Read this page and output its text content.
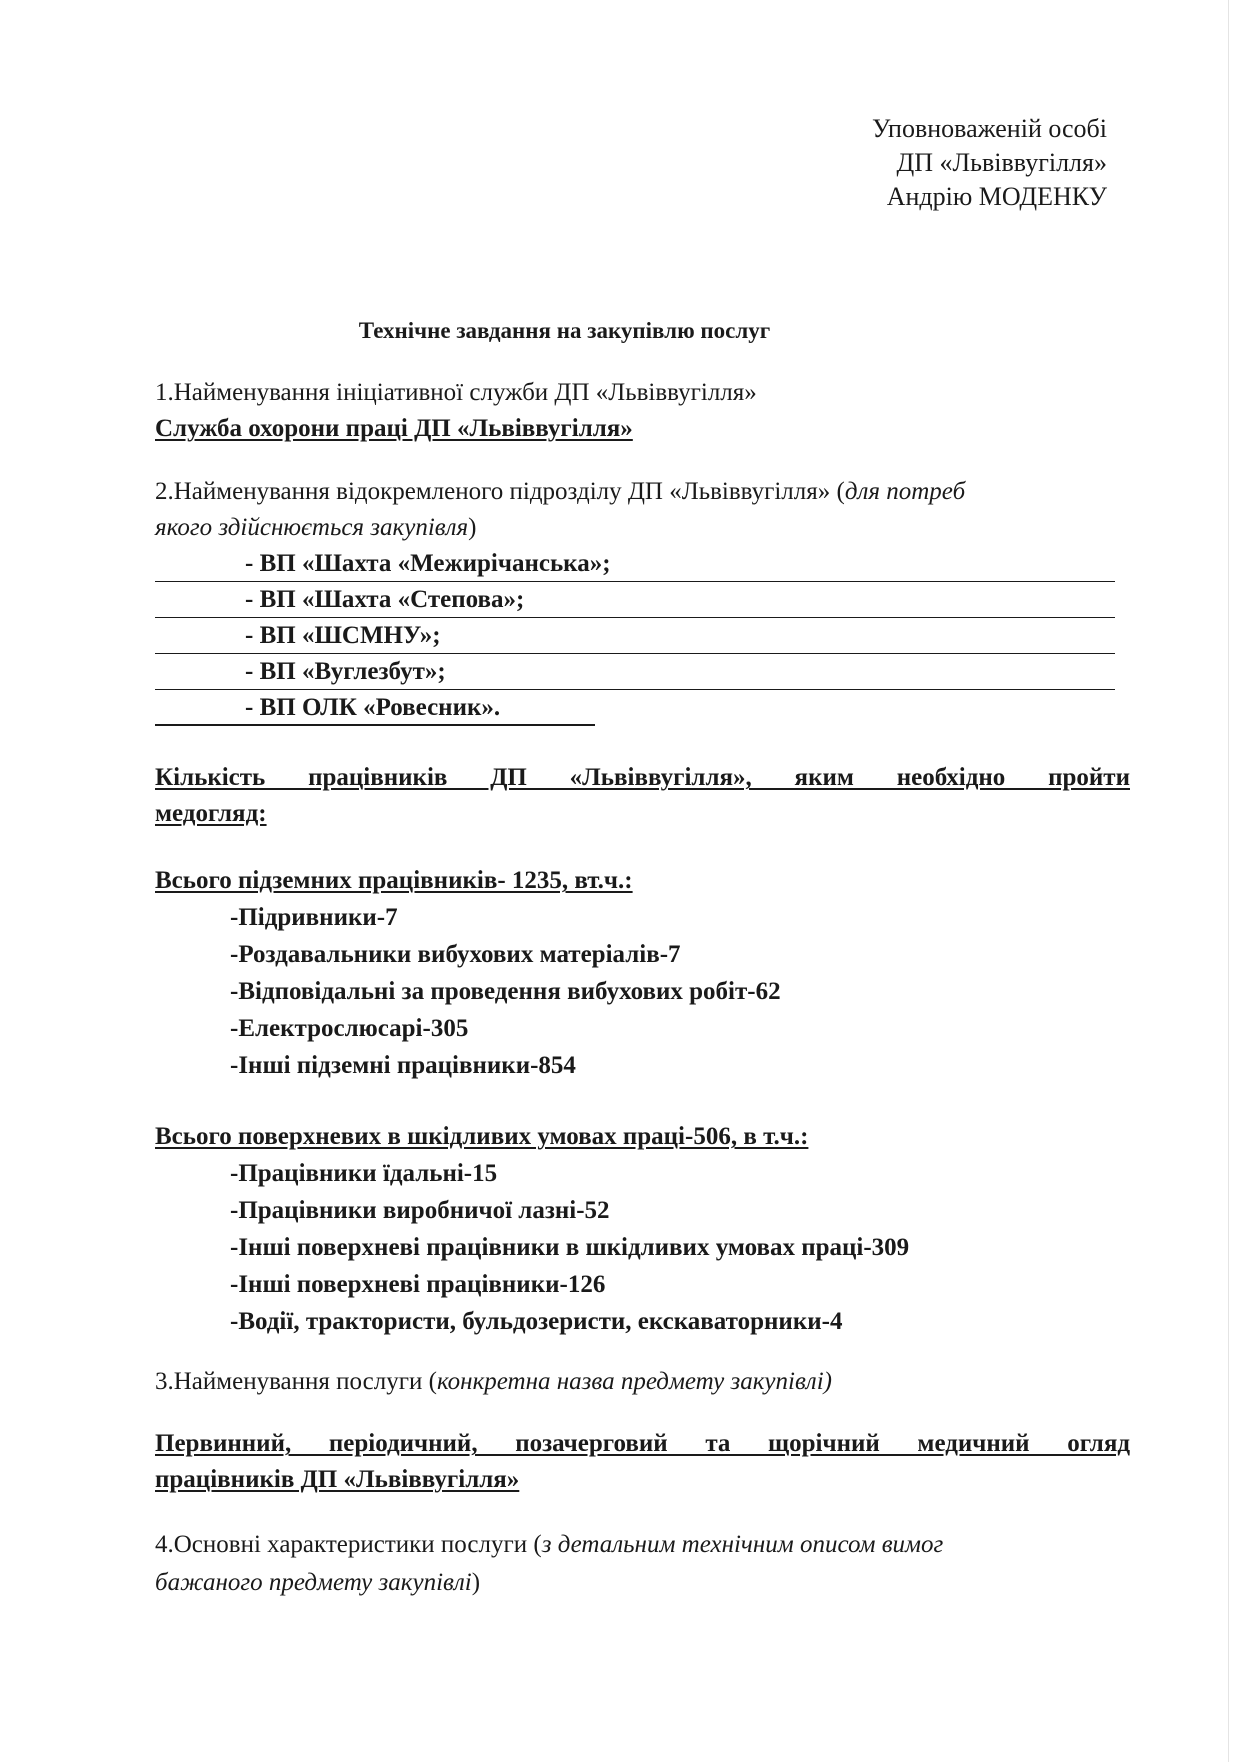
Уповноваженій особі
ДП «Львіввугілля»
Андрію МОДЕНКУ
Технічне завдання на закупівлю послуг
1.Найменування ініціативної служби ДП «Львіввугілля»
Служба охорони праці ДП «Львіввугілля»
2.Найменування відокремленого підрозділу ДП «Львіввугілля» (для потреб
якого здійснюється закупівля)
- ВП «Шахта «Межирічанська»;
- ВП «Шахта «Степова»;
- ВП «ШСМНУ»;
- ВП «Вуглезбут»;
- ВП ОЛК «Ровесник».
Кількість працівників ДП «Львіввугілля», яким необхідно пройти
медогляд:
Всього підземних працівників- 1235, вт.ч.:
-Підривники-7
-Роздавальники вибухових матеріалів-7
-Відповідальні за проведення вибухових робіт-62
-Електрослюсарі-305
-Інші підземні працівники-854
Всього поверхневих в шкідливих умовах праці-506, в т.ч.:
-Працівники їдальні-15
-Працівники виробничої лазні-52
-Інші поверхневі працівники в шкідливих умовах праці-309
-Інші поверхневі працівники-126
-Водії, трактористи, бульдозеристи, екскаваторники-4
3.Найменування послуги (конкретна назва предмету закупівлі)
Первинний, періодичний, позачерговий та щорічний медичний огляд
працівників ДП «Львіввугілля»
4.Основні характеристики послуги (з детальним технічним описом вимог
бажаного предмету закупівлі)
